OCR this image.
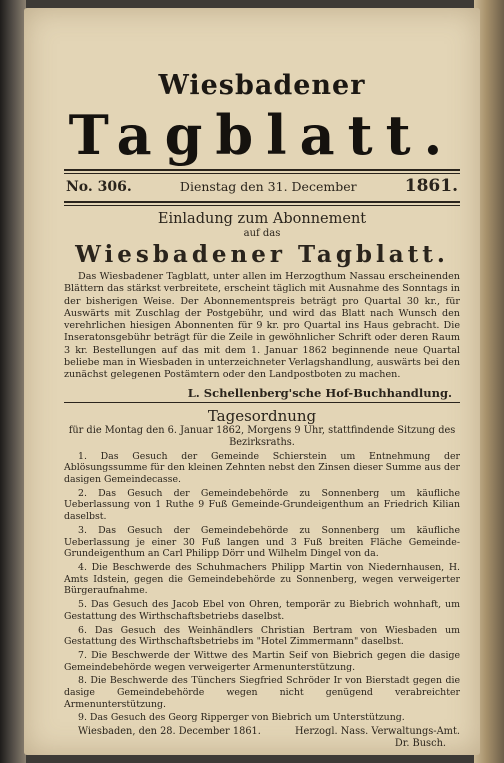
Wiesbadener
Tagblatt.
No. 306.	Dienstag den 31. December	1861.
Einladung zum Abonnement
auf das
Wiesbadener Tagblatt.

Das Wiesbadener Tagblatt, unter allen im Herzogthum Nassau erscheinenden Blättern das stärkst verbreitete, erscheint täglich mit Ausnahme des Sonntags in der bisherigen Weise. Der Abonnementspreis beträgt pro Quartal 30 kr., für Auswärts mit Zuschlag der Postgebühr, und wird das Blatt nach Wunsch den verehrlichen hiesigen Abonnenten für 9 kr. pro Quartal ins Haus gebracht. Die Inseratonsgebühr beträgt für die Zeile in gewöhnlicher Schrift oder deren Raum 3 kr. Bestellungen auf das mit dem 1. Januar 1862 beginnende neue Quartal beliebe man in Wiesbaden in unterzeichneter Verlagshandlung, auswärts bei den zunächst gelegenen Postämtern oder den Landpostboten zu machen.

L. Schellenberg'sche Hof-Buchhandlung.
Tagesordnung
für die Montag den 6. Januar 1862, Morgens 9 Uhr, stattfindende Sitzung des Bezirksraths.

1. Das Gesuch der Gemeinde Schierstein um Entnehmung der Ablösungssumme für den kleinen Zehnten nebst den Zinsen dieser Summe aus der dasigen Gemeindecasse.

2. Das Gesuch der Gemeindebehörde zu Sonnenberg um käufliche Ueberlassung von 1 Ruthe 9 Fuß Gemeinde-Grundeigenthum an Friedrich Kilian daselbst.

3. Das Gesuch der Gemeindebehörde zu Sonnenberg um käufliche Ueberlassung je einer 30 Fuß langen und 3 Fuß breiten Fläche Gemeinde-Grundeigenthum an Carl Philipp Dörr und Wilhelm Dingel von da.

4. Die Beschwerde des Schuhmachers Philipp Martin von Niedernhausen, H. Amts Idstein, gegen die Gemeindebehörde zu Sonnenberg, wegen verweigerter Bürgeraufnahme.

5. Das Gesuch des Jacob Ebel von Ohren, temporär zu Biebrich wohnhaft, um Gestattung des Wirthschaftsbetriebs daselbst.

6. Das Gesuch des Weinhändlers Christian Bertram von Wiesbaden um Gestattung des Wirthschaftsbetriebs im "Hotel Zimmermann" daselbst.

7. Die Beschwerde der Wittwe des Martin Seif von Biebrich gegen die dasige Gemeindebehörde wegen verweigerter Armenunterstützung.

8. Die Beschwerde des Tünchers Siegfried Schröder Ir von Bierstadt gegen die dasige Gemeindebehörde wegen nicht genügend verabreichter Armenunterstützung.

9. Das Gesuch des Georg Ripperger von Biebrich um Unterstützung.

Wiesbaden, den 28. December 1861.	Herzogl. Nass. Verwaltungs-Amt.
Dr. Busch.
